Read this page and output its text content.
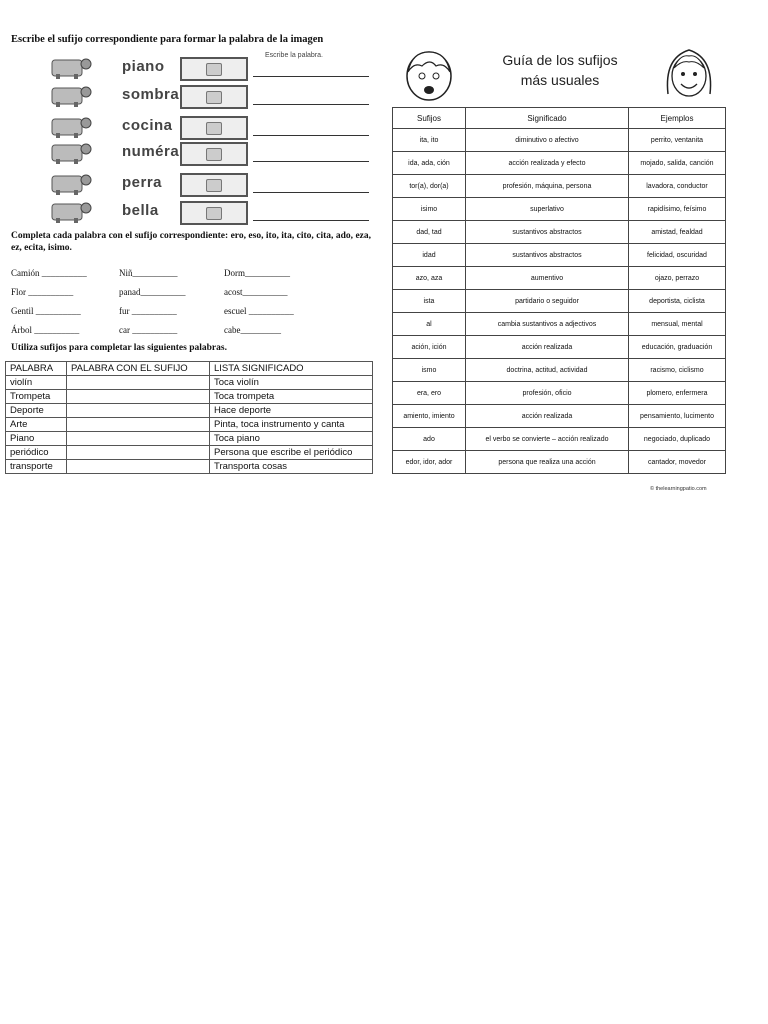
Escribe el sufijo correspondiente para formar la palabra de la imagen
Escribe la palabra.
piano
sombra
cocina
numéra
perra
bella
Completa cada palabra con el sufijo correspondiente: ero, eso, ito, ita, cito, cita, ado, eza, ez, ecita, isimo.
Camión __________	Niñ__________	Dorm__________
Flor __________	panad__________	acost__________
Gentil __________	fur __________	escuel __________
Árbol __________	car __________	cabe_________
Utiliza sufijos para completar las siguientes palabras.
PALABRA	PALABRA CON EL SUFIJO	LISTA SIGNIFICADO
violín		Toca violín
Trompeta		Toca trompeta
Deporte		Hace deporte
Arte		Pinta, toca instrumento y canta
Piano		Toca piano
periódico		Persona que escribe el periódico
transporte		Transporta cosas
Guía de los sufijos
más usuales
Sufijos	Significado	Ejemplos
ita, ito	diminutivo o afectivo	perrito, ventanita
ida, ada, ción	acción realizada y efecto	mojado, salida, canción
tor(a), dor(a)	profesión, máquina, persona	lavadora, conductor
isimo	superlativo	rapidísimo, feísimo
dad, tad	sustantivos abstractos	amistad, fealdad
idad	sustantivos abstractos	felicidad, oscuridad
azo, aza	aumentivo	ojazo, perrazo
ista	partidario o seguidor	deportista, ciclista
al	cambia sustantivos a adjectivos	mensual, mental
ación, ición	acción realizada	educación, graduación
ismo	doctrina, actitud, actividad	racismo, ciclismo
era, ero	profesión, oficio	plomero, enfermera
amiento, imiento	acción realizada	pensamiento, lucimento
ado	el verbo se convierte – acción realizado	negociado, duplicado
edor, idor, ador	persona que realiza una acción	cantador, movedor
© thelearningpatio.com
